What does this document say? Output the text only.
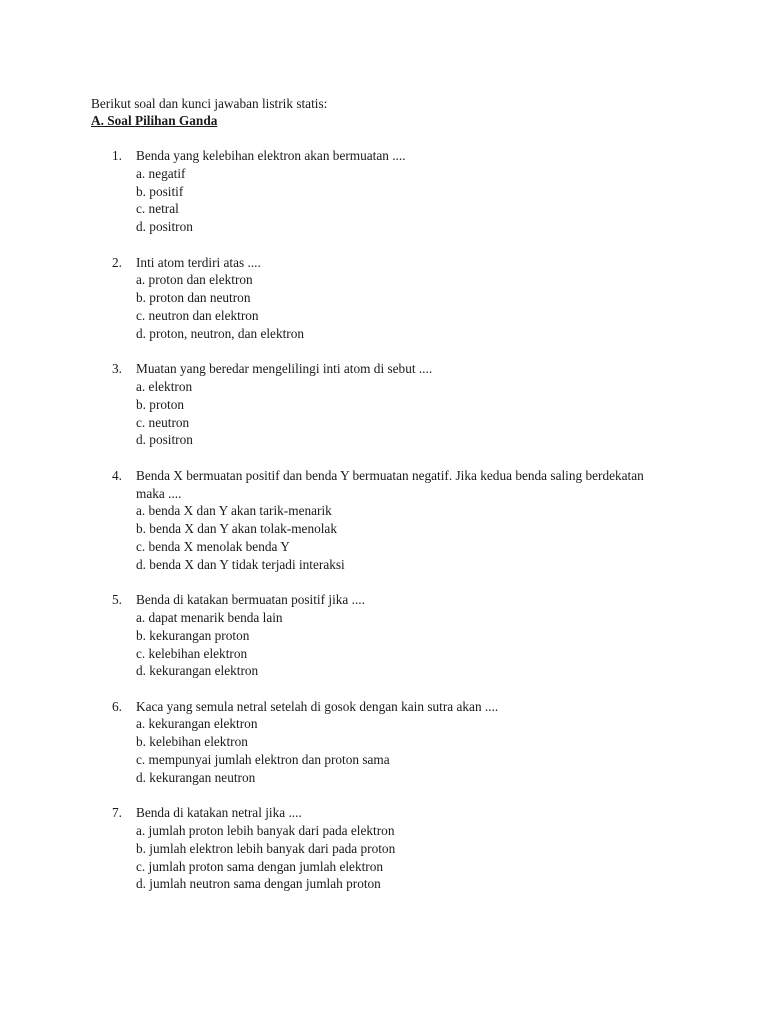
Berikut soal dan kunci jawaban listrik statis:
A. Soal Pilihan Ganda
1. Benda yang kelebihan elektron akan bermuatan ....
a. negatif
b. positif
c. netral
d. positron
2. Inti atom terdiri atas ....
a. proton dan elektron
b. proton dan neutron
c. neutron dan elektron
d. proton, neutron, dan elektron
3. Muatan yang beredar mengelilingi inti atom di sebut ....
a. elektron
b. proton
c. neutron
d. positron
4. Benda X bermuatan positif dan benda Y bermuatan negatif. Jika kedua benda saling berdekatan maka ....
a. benda X dan Y akan tarik-menarik
b. benda X dan Y akan tolak-menolak
c. benda X menolak benda Y
d. benda X dan Y tidak terjadi interaksi
5. Benda di katakan bermuatan positif jika ....
a. dapat menarik benda lain
b. kekurangan proton
c. kelebihan elektron
d. kekurangan elektron
6. Kaca yang semula netral setelah di gosok dengan kain sutra akan ....
a. kekurangan elektron
b. kelebihan elektron
c. mempunyai jumlah elektron dan proton sama
d. kekurangan neutron
7. Benda di katakan netral jika ....
a. jumlah proton lebih banyak dari pada elektron
b. jumlah elektron lebih banyak dari pada proton
c. jumlah proton sama dengan jumlah elektron
d. jumlah neutron sama dengan jumlah proton
